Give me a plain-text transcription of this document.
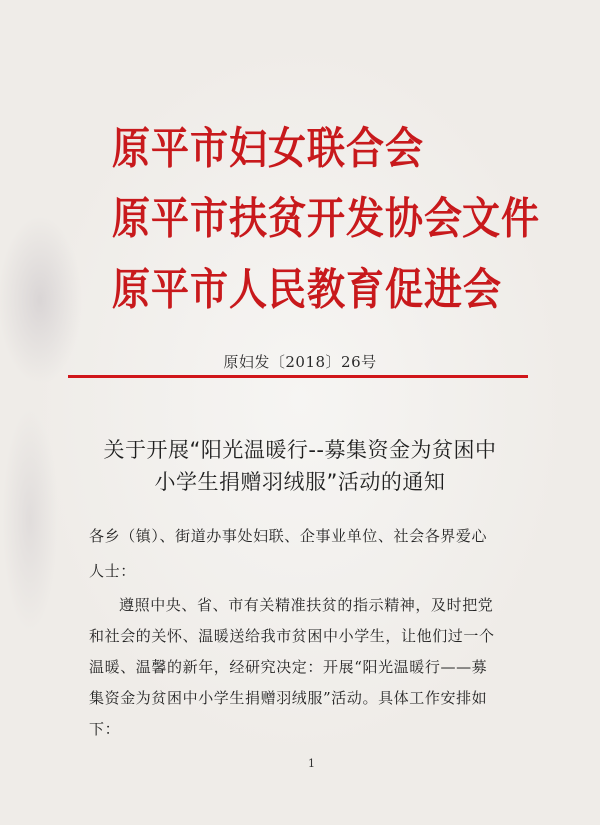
原平市妇女联合会
原平市扶贫开发协会
文件
原平市人民教育促进会
原妇发〔2018〕26号
关于开展“阳光温暖行--募集资金为贫困中
小学生捐赠羽绒服”活动的通知
各乡（镇）、街道办事处妇联、企事业单位、社会各界爱心
人士：
遵照中央、省、市有关精准扶贫的指示精神，及时把党
和社会的关怀、温暖送给我市贫困中小学生，让他们过一个
温暖、温馨的新年，经研究决定：开展“阳光温暖行——募
集资金为贫困中小学生捐赠羽绒服”活动。具体工作安排如
下：
1
